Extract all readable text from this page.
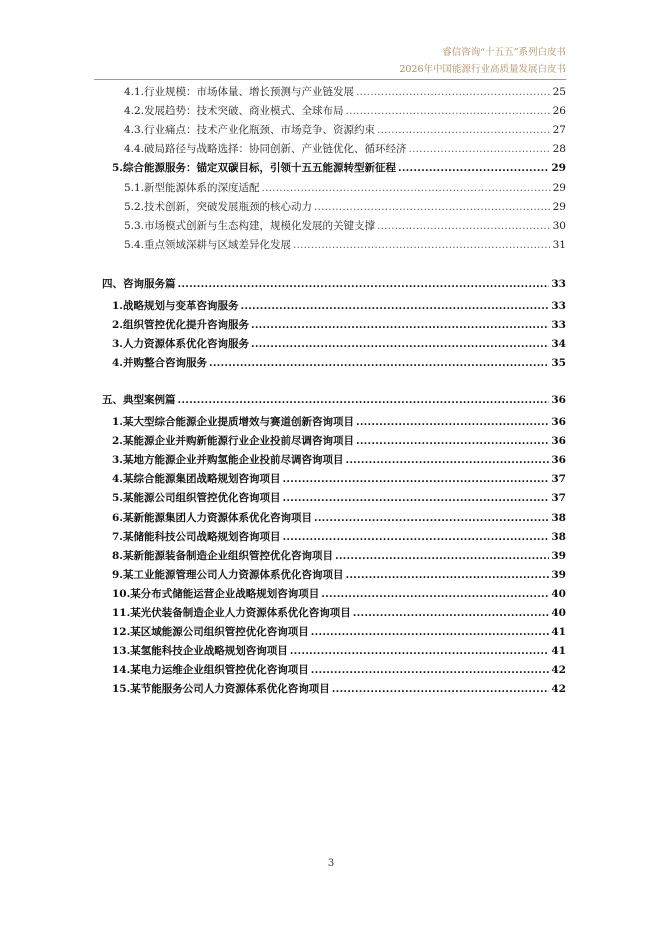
睿信咨询“十五五”系列白皮书
2026年中国能源行业高质量发展白皮书
4.1.行业规模：市场体量、增长预测与产业链发展 .....	25
4.2.发展趋势：技术突破、商业模式、全球布局 .....	26
4.3.行业痛点：技术产业化瓶颈、市场竞争、资源约束 .....	27
4.4.破局路径与战略选择：协同创新、产业链优化、循环经济 .....	28
5. 综合能源服务：锚定双碳目标，引领十五五能源转型新征程 .....	29
5.1.新型能源体系的深度适配 .....	29
5.2.技术创新，突破发展瓶颈的核心动力 .....	29
5.3.市场模式创新与生态构建，规模化发展的关键支撑 .....	30
5.4.重点领域深耕与区域差异化发展 .....	31
四、咨询服务篇 .....	33
1. 战略规划与变革咨询服务 .....	33
2. 组织管控优化提升咨询服务 .....	33
3. 人力资源体系优化咨询服务 .....	34
4. 并购整合咨询服务 .....	35
五、 典型案例篇 .....	36
1. 某大型综合能源企业提质增效与赛道创新咨询项目 .....	36
2. 某能源企业并购新能源行业企业投前尽调咨询项目 .....	36
3. 某地方能源企业并购氢能企业投前尽调咨询项目 .....	36
4. 某综合能源集团战略规划咨询项目 .....	37
5. 某能源公司组织管控优化咨询项目 .....	37
6. 某新能源集团人力资源体系优化咨询项目 .....	38
7. 某储能科技公司战略规划咨询项目 .....	38
8. 某新能源装备制造企业组织管控优化咨询项目 .....	39
9. 某工业能源管理公司人力资源体系优化咨询项目 .....	39
10. 某分布式储能运营企业战略规划咨询项目 .....	40
11. 某光伏装备制造企业人力资源体系优化咨询项目 .....	40
12. 某区域能源公司组织管控优化咨询项目 .....	41
13. 某氢能科技企业战略规划咨询项目 .....	41
14. 某电力运维企业组织管控优化咨询项目 .....	42
15. 某节能服务公司人力资源体系优化咨询项目 .....	42
3
